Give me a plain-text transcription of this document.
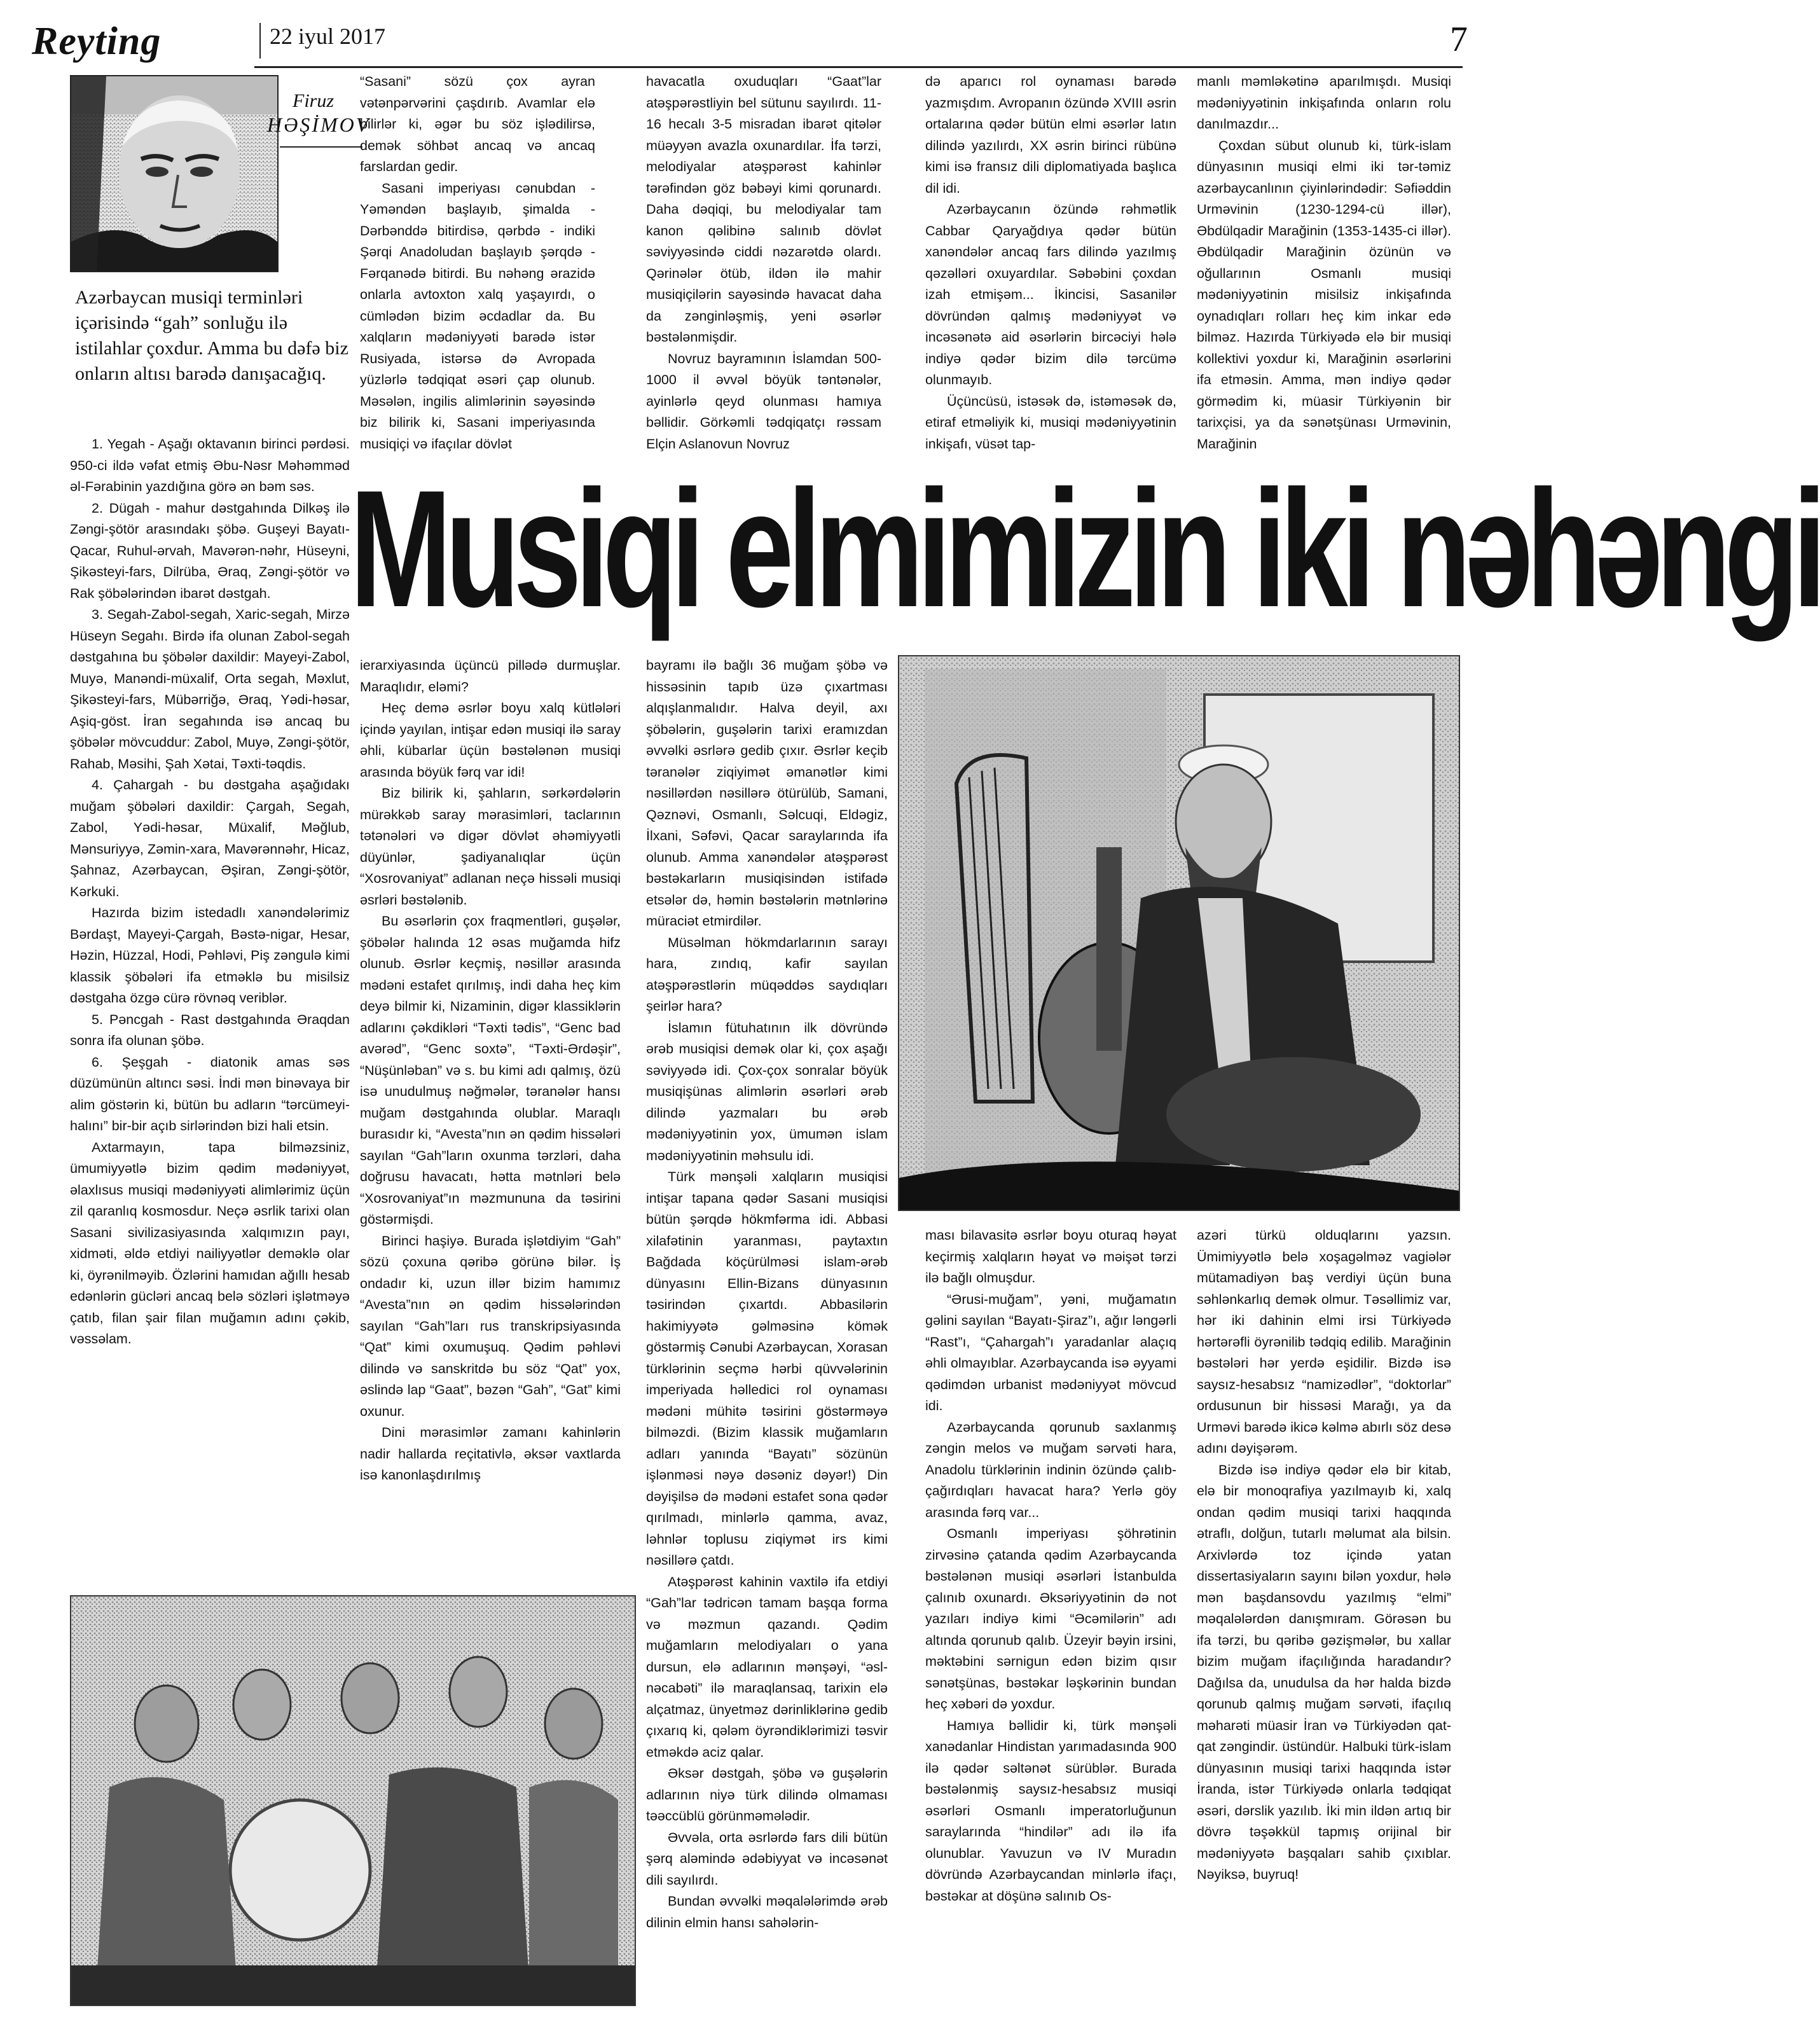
Reyting	22 iyul 2017	7
Firuz
HƏŞİMOV
Azərbaycan musiqi terminləri içərisində “gah” sonluğu ilə istilahlar çoxdur. Amma bu dəfə biz onların altısı barədə danışacağıq.

“Sasani” sözü çox ayran vətənpərvərini çaşdırıb. Avamlar elə bilirlər ki, əgər bu söz işlədilirsə, demək söhbət ancaq və ancaq farslardan gedir.

Sasani imperiyası cənubdan - Yəməndən başlayıb, şimalda - Dərbənddə bitirdisə, qərbdə - indiki Şərqi Anadoludan başlayıb şərqdə - Fərqanədə bitirdi. Bu nəhəng ərazidə onlarla avtoxton xalq yaşayırdı, o cümlədən bizim əcdadlar da. Bu xalqların mədəniyyəti barədə istər Rusiyada, istərsə də Avropada yüzlərlə tədqiqat əsəri çap olunub. Məsələn, ingilis alimlərinin səyəsində biz bilirik ki, Sasani imperiyasında musiqiçi və ifaçılar dövlət

havacatla oxuduqları “Gaat”lar atəşpərəstliyin bel sütunu sayılırdı. 11-16 hecalı 3-5 misradan ibarət qitələr müəyyən avazla oxunardılar. İfa tərzi, melodiyalar atəşpərəst kahinlər tərəfindən göz bəbəyi kimi qorunardı. Daha dəqiqi, bu melodiyalar tam kanon qəlibinə salınıb dövlət səviyyəsində ciddi nəzarətdə olardı. Qərinələr ötüb, ildən ilə mahir musiqiçilərin sayəsində havacat daha da zənginləşmiş, yeni əsərlər bəstələnmişdir.

Novruz bayramının İslamdan 500-1000 il əvvəl böyük təntənələr, ayinlərlə qeyd olunması hamıya bəllidir. Görkəmli tədqiqatçı rəssam Elçin Aslanovun Novruz

də aparıcı rol oynaması barədə yazmışdım. Avropanın özündə XVIII əsrin ortalarına qədər bütün elmi əsərlər latın dilində yazılırdı, XX əsrin birinci rübünə kimi isə fransız dili diplomatiyada başlıca dil idi.

Azərbaycanın özündə rəhmətlik Cabbar Qaryağdıya qədər bütün xanəndələr ancaq fars dilində yazılmış qəzəlləri oxuyardılar. Səbəbini çoxdan izah etmişəm... İkincisi, Sasanilər dövründən qalmış mədəniyyət və incəsənətə aid əsərlərin bircəciyi hələ indiyə qədər bizim dilə tərcümə olunmayıb.

Üçüncüsü, istəsək də, istəməsək də, etiraf etməliyik ki, musiqi mədəniyyətinin inkişafı, vüsət tap-

manlı məmləkətinə aparılmışdı. Musiqi mədəniyyətinin inkişafında onların rolu danılmazdır...

Çoxdan sübut olunub ki, türk-islam dünyasının musiqi elmi iki tər-təmiz azərbaycanlının çiyinlərindədir: Səfiəddin Urməvinin (1230-1294-cü illər), Əbdülqadir Marağinin (1353-1435-ci illər). Əbdülqadir Marağinin özünün və oğullarının Osmanlı musiqi mədəniyyətinin misilsiz inkişafında oynadıqları rolları heç kim inkar edə bilməz. Hazırda Türkiyədə elə bir musiqi kollektivi yoxdur ki, Marağinin əsərlərini ifa etməsin. Amma, mən indiyə qədər görmədim ki, müasir Türkiyənin bir tarixçisi, ya da sənətşünası Urməvinin, Marağinin

Musiqi elmimizin iki nəhəngi

1. Yegah - Aşağı oktavanın birinci pərdəsi. 950-ci ildə vəfat etmiş Əbu-Nəsr Məhəmməd əl-Fərabinin yazdığına görə ən bəm səs.

2. Dügah - mahur dəstgahında Dilkəş ilə Zəngi-şötör arasındakı şöbə. Guşeyi Bayatı-Qacar, Ruhul-ərvah, Mavərən-nəhr, Hüseyni, Şikəsteyi-fars, Dilrüba, Əraq, Zəngi-şötör və Rak şöbələrindən ibarət dəstgah.

3. Segah-Zabol-segah, Xaric-segah, Mirzə Hüseyn Segahı. Birdə ifa olunan Zabol-segah dəstgahına bu şöbələr daxildir: Mayeyi-Zabol, Muyə, Manəndi-müxalif, Orta segah, Məxlut, Şikəsteyi-fars, Mübərriğə, Əraq, Yədi-həsar, Aşiq-göst. İran segahında isə ancaq bu şöbələr mövcuddur: Zabol, Muyə, Zəngi-şötör, Rahab, Məsihi, Şah Xətai, Təxti-təqdis.

4. Çahargah - bu dəstgaha aşağıdakı muğam şöbələri daxildir: Çargah, Segah, Zabol, Yədi-həsar, Müxalif, Məğlub, Mənsuriyyə, Zəmin-xara, Mavərənnəhr, Hicaz, Şahnaz, Azərbaycan, Əşiran, Zəngi-şötör, Kərkuki.

Hazırda bizim istedadlı xanəndələrimiz Bərdaşt, Mayeyi-Çargah, Bəstə-nigar, Hesar, Həzin, Hüzzal, Hodi, Pəhləvi, Piş zəngulə kimi klassik şöbələri ifa etməklə bu misilsiz dəstgaha özgə cürə rövnəq veriblər.

5. Pəncgah - Rast dəstgahında Əraqdan sonra ifa olunan şöbə.

6. Şeşgah - diatonik amas səs düzümünün altıncı səsi. İndi mən binəvaya bir alim göstərin ki, bütün bu adların “tərcümeyi-halını” bir-bir açıb sirlərindən bizi hali etsin.

Axtarmayın, tapa bilməzsiniz, ümumiyyətlə bizim qədim mədəniyyət, əlaxlısus musiqi mədəniyyəti alimlərimiz üçün zil qaranlıq kosmosdur. Neçə əsrlik tarixi olan Sasani sivilizasiyasında xalqımızın payı, xidməti, əldə etdiyi nailiyyətlər deməklə olar ki, öyrənilməyib. Özlərini hamıdan ağıllı hesab edənlərin gücləri ancaq belə sözləri işlətməyə çatıb, filan şair filan muğamın adını çəkib, vəssəlam.

ierarxiyasında üçüncü pillədə durmuşlar. Maraqlıdır, eləmi?

Heç demə əsrlər boyu xalq kütlələri içində yayılan, intişar edən musiqi ilə saray əhli, kübarlar üçün bəstələnən musiqi arasında böyük fərq var idi!

Biz bilirik ki, şahların, sərkərdələrin mürəkkəb saray mərasimləri, taclarının tətənələri və digər dövlət əhəmiyyətli düyünlər, şadiyanalıqlar üçün “Xosrovaniyat” adlanan neçə hissəli musiqi əsrləri bəstələnib.

Bu əsərlərin çox fraqmentləri, guşələr, şöbələr halında 12 əsas muğamda hifz olunub. Əsrlər keçmiş, nəsillər arasında mədəni estafet qırılmış, indi daha heç kim deyə bilmir ki, Nizaminin, digər klassiklərin adlarını çəkdikləri “Təxti tədis”, “Genc bad avərəd”, “Genc soxtə”, “Təxti-Ərdəşir”, “Nüşünləban” və s. bu kimi adı qalmış, özü isə unudulmuş nəğmələr, təranələr hansı muğam dəstgahında olublar. Maraqlı burasıdır ki, “Avesta”nın ən qədim hissələri sayılan “Gah”ların oxunma tərzləri, daha doğrusu havacatı, hətta mətnləri belə “Xosrovaniyat”ın məzmununa da təsirini göstərmişdi.

Birinci haşiyə. Burada işlətdiyim “Gah” sözü çoxuna qəribə görünə bilər. İş ondadır ki, uzun illər bizim hamımız “Avesta”nın ən qədim hissələrindən sayılan “Gah”ları rus transkripsiyasında “Qat” kimi oxumuşuq. Qədim pəhləvi dilində və sanskritdə bu söz “Qat” yox, əslində lap “Gaat”, bəzən “Gah”, “Gat” kimi oxunur.

Dini mərasimlər zamanı kahinlərin nadir hallarda reçitativlə, əksər vaxtlarda isə kanonlaşdırılmış

bayramı ilə bağlı 36 muğam şöbə və hissəsinin tapıb üzə çıxartması alqışlanmalıdır. Halva deyil, axı şöbələrin, guşələrin tarixi eramızdan əvvəlki əsrlərə gedib çıxır. Əsrlər keçib təranələr ziqiyimət əmanətlər kimi nəsillərdən nəsillərə ötürülüb, Samani, Qəznəvi, Osmanlı, Səlcuqi, Eldəgiz, İlxani, Səfəvi, Qacar saraylarında ifa olunub. Amma xanəndələr atəşpərəst bəstəkarların musiqisindən istifadə etsələr də, həmin bəstələrin mətnlərinə müraciət etmirdilər.

Müsəlman hökmdarlarının sarayı hara, zındıq, kafir sayılan atəşpərəstlərin müqəddəs saydıqları şeirlər hara?

İslamın fütuhatının ilk dövründə ərəb musiqisi demək olar ki, çox aşağı səviyyədə idi. Çox-çox sonralar böyük musiqişünas alimlərin əsərləri ərəb dilində yazmaları bu ərəb mədəniyyətinin yox, ümumən islam mədəniyyətinin məhsulu idi.

Türk mənşəli xalqların musiqisi intişar tapana qədər Sasani musiqisi bütün şərqdə hökmfərma idi. Abbasi xilafətinin yaranması, paytaxtın Bağdada köçürülməsi islam-ərəb dünyasını Ellin-Bizans dünyasının təsirindən çıxartdı. Abbasilərin hakimiyyətə gəlməsinə kömək göstərmiş Cənubi Azərbaycan, Xorasan türklərinin seçmə hərbi qüvvələrinin imperiyada həlledici rol oynaması mədəni mühitə təsirini göstərməyə bilməzdi. (Bizim klassik muğamların adları yanında “Bayatı” sözünün işlənməsi nəyə dəsəniz dəyər!) Din dəyişilsə də mədəni estafet sona qədər qırılmadı, minlərlə qamma, avaz, ləhnlər toplusu ziqiymət irs kimi nəsillərə çatdı.

Atəşpərəst kahinin vaxtilə ifa etdiyi “Gah”lar tədricən tamam başqa forma və məzmun qazandı. Qədim muğamların melodiyaları o yana dursun, elə adlarının mənşəyi, “əsl-nəcabəti” ilə maraqlansaq, tarixin elə alçatmaz, ünyetməz dərinliklərinə gedib çıxarıq ki, qələm öyrəndiklərimizi təsvir etməkdə aciz qalar.

Əksər dəstgah, şöbə və guşələrin adlarının niyə türk dilində olmaması təəccüblü görünməmələdir.

Əvvəla, orta əsrlərdə fars dili bütün şərq aləmində ədəbiyyat və incəsənət dili sayılırdı.

Bundan əvvəlki məqalələrimdə ərəb dilinin elmin hansı sahələrin-

ması bilavasitə əsrlər boyu oturaq həyat keçirmiş xalqların həyat və məişət tərzi ilə bağlı olmuşdur.

“Ərusi-muğam”, yəni, muğamatın gəlini sayılan “Bayatı-Şiraz”ı, ağır ləngərli “Rast”ı, “Çahargah”ı yaradanlar alaçıq əhli olmayıblar. Azərbaycanda isə əyyami qədimdən urbanist mədəniyyət mövcud idi.

Azərbaycanda qorunub saxlanmış zəngin melos və muğam sərvəti hara, Anadolu türklərinin indinin özündə çalıb-çağırdıqları havacat hara? Yerlə göy arasında fərq var...

Osmanlı imperiyası şöhrətinin zirvəsinə çatanda qədim Azərbaycanda bəstələnən musiqi əsərləri İstanbulda çalınıb oxunardı. Əksəriyyətinin də not yazıları indiyə kimi “Əcəmilərin” adı altında qorunub qalıb. Üzeyir bəyin irsini, məktəbini sərnigun edən bizim qısır sənətşünas, bəstəkar ləşkərinin bundan heç xəbəri də yoxdur.

Hamıya bəllidir ki, türk mənşəli xanədanlar Hindistan yarımadasında 900 ilə qədər səltənət sürüblər. Burada bəstələnmiş saysız-hesabsız musiqi əsərləri Osmanlı imperatorluğunun saraylarında “hindilər” adı ilə ifa olunublar. Yavuzun və IV Muradın dövründə Azərbaycandan minlərlə ifaçı, bəstəkar at döşünə salınıb Os-

azəri türkü olduqlarını yazsın. Ümimiyyətlə belə xoşagəlməz vagiələr mütamadiyən baş verdiyi üçün buna səhlənkarlıq demək olmur. Təsəllimiz var, hər iki dahinin elmi irsi Türkiyədə hərtərəfli öyrənilib tədqiq edilib. Marağinin bəstələri hər yerdə eşidilir. Bizdə isə saysız-hesabsız “namizədlər”, “doktorlar” ordusunun bir hissəsi Marağı, ya da Urməvi barədə ikicə kəlmə abırlı söz desə adını dəyişərəm.

Bizdə isə indiyə qədər elə bir kitab, elə bir monoqrafiya yazılmayıb ki, xalq ondan qədim musiqi tarixi haqqında ətraflı, dolğun, tutarlı məlumat ala bilsin. Arxivlərdə toz içində yatan dissertasiyaların sayını bilən yoxdur, hələ mən başdansovdu yazılmış “elmi” məqalələrdən danışmıram. Görəsən bu ifa tərzi, bu qəribə gəzişmələr, bu xallar bizim muğam ifaçılığında haradandır? Dağılsa da, unudulsa da hər halda bizdə qorunub qalmış muğam sərvəti, ifaçılıq məharəti müasir İran və Türkiyədən qat-qat zəngindir. üstündür. Halbuki türk-islam dünyasının musiqi tarixi haqqında istər İranda, istər Türkiyədə onlarla tədqiqat əsəri, dərslik yazılıb. İki min ildən artıq bir dövrə təşəkkül tapmış orijinal bir mədəniyyətə başqaları sahib çıxıblar. Nəyiksə, buyruq!
